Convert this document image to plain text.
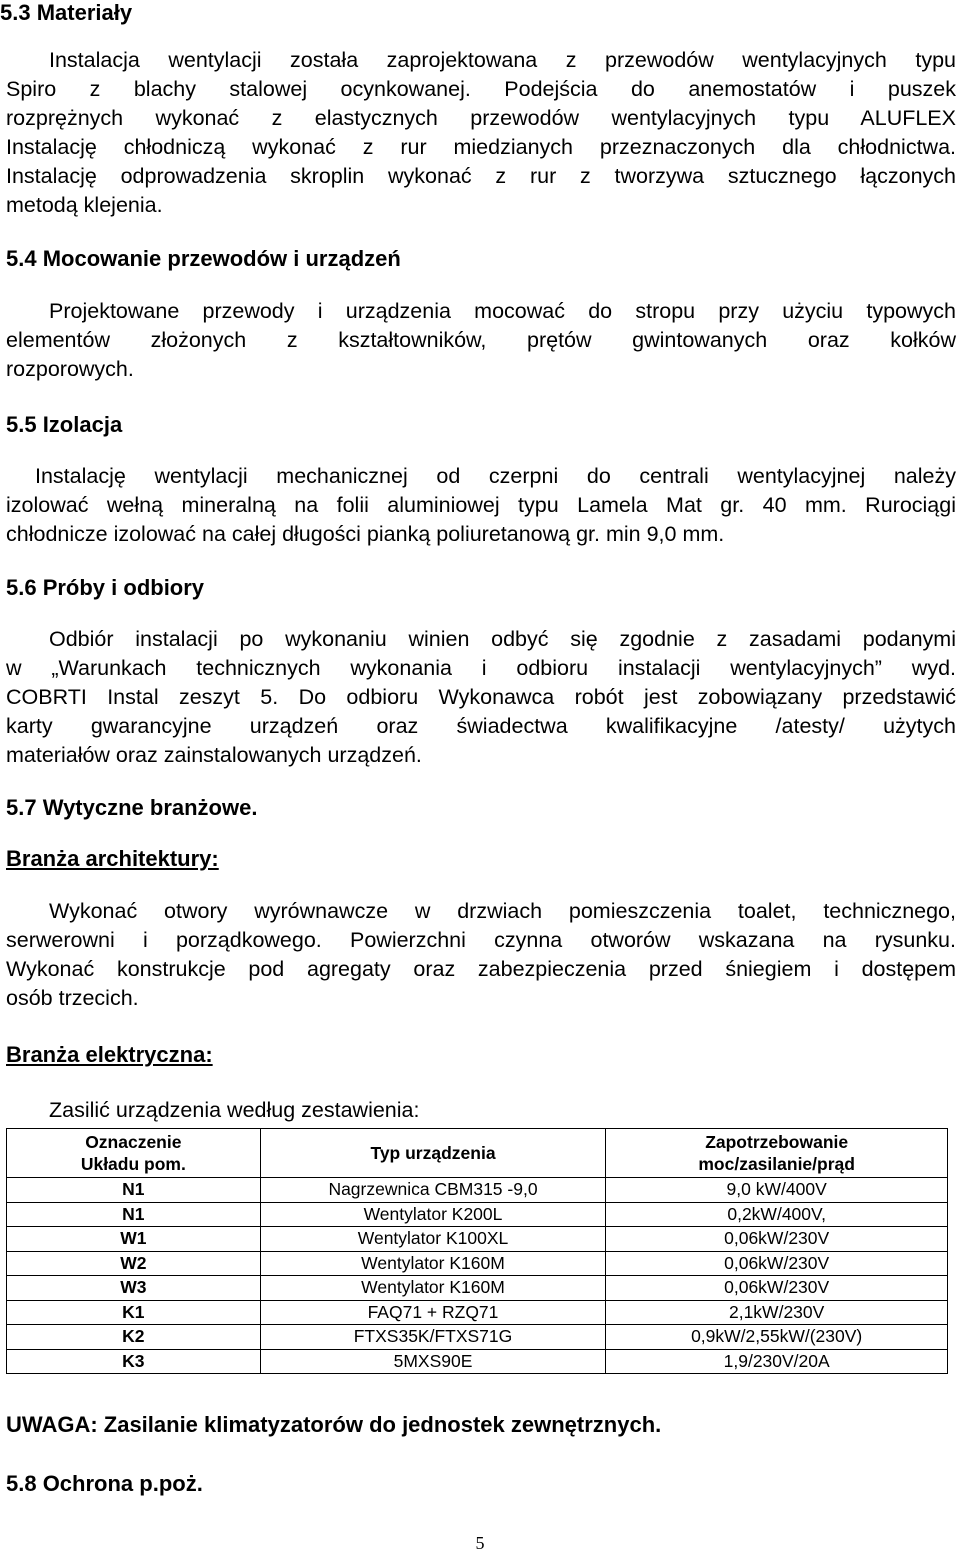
5.3 Materiały
Instalacja wentylacji została zaprojektowana z przewodów wentylacyjnych typu
Spiro z blachy stalowej ocynkowanej. Podejścia do anemostatów i puszek
rozprężnych wykonać z elastycznych przewodów wentylacyjnych typu ALUFLEX
Instalację chłodniczą wykonać z rur miedzianych przeznaczonych dla chłodnictwa.
Instalację odprowadzenia skroplin wykonać z rur z tworzywa sztucznego łączonych
metodą klejenia.
5.4 Mocowanie przewodów i urządzeń
Projektowane przewody i urządzenia mocować do stropu przy użyciu typowych
elementów złożonych z kształtowników, prętów gwintowanych oraz kołków
rozporowych.
5.5 Izolacja
Instalację wentylacji mechanicznej od czerpni do centrali wentylacyjnej należy
izolować wełną mineralną na folii aluminiowej typu Lamela Mat gr. 40 mm. Rurociągi
chłodnicze izolować na całej długości pianką poliuretanową gr. min 9,0 mm.
5.6 Próby i odbiory
Odbiór instalacji po wykonaniu winien odbyć się zgodnie z zasadami podanymi
w „Warunkach technicznych wykonania i odbioru instalacji wentylacyjnych” wyd.
COBRTI Instal zeszyt 5. Do odbioru Wykonawca robót jest zobowiązany przedstawić
karty gwarancyjne urządzeń oraz świadectwa kwalifikacyjne /atesty/ użytych
materiałów oraz zainstalowanych urządzeń.
5.7 Wytyczne branżowe.
Branża architektury:
Wykonać otwory wyrównawcze w drzwiach pomieszczenia toalet, technicznego,
serwerowni i porządkowego. Powierzchni czynna otworów wskazana na rysunku.
Wykonać konstrukcje pod agregaty oraz zabezpieczenia przed śniegiem i dostępem
osób trzecich.
Branża elektryczna:
Zasilić urządzenia według zestawienia:
Oznaczenie
Układu pom.	Typ urządzenia	Zapotrzebowanie
moc/zasilanie/prąd
N1	Nagrzewnica CBM315 -9,0	9,0 kW/400V
N1	Wentylator K200L	0,2kW/400V,
W1	Wentylator K100XL	0,06kW/230V
W2	Wentylator K160M	0,06kW/230V
W3	Wentylator K160M	0,06kW/230V
K1	FAQ71 + RZQ71	2,1kW/230V
K2	FTXS35K/FTXS71G	0,9kW/2,55kW/(230V)
K3	5MXS90E	1,9/230V/20A
UWAGA: Zasilanie klimatyzatorów do jednostek zewnętrznych.
5.8 Ochrona p.poż.
5
